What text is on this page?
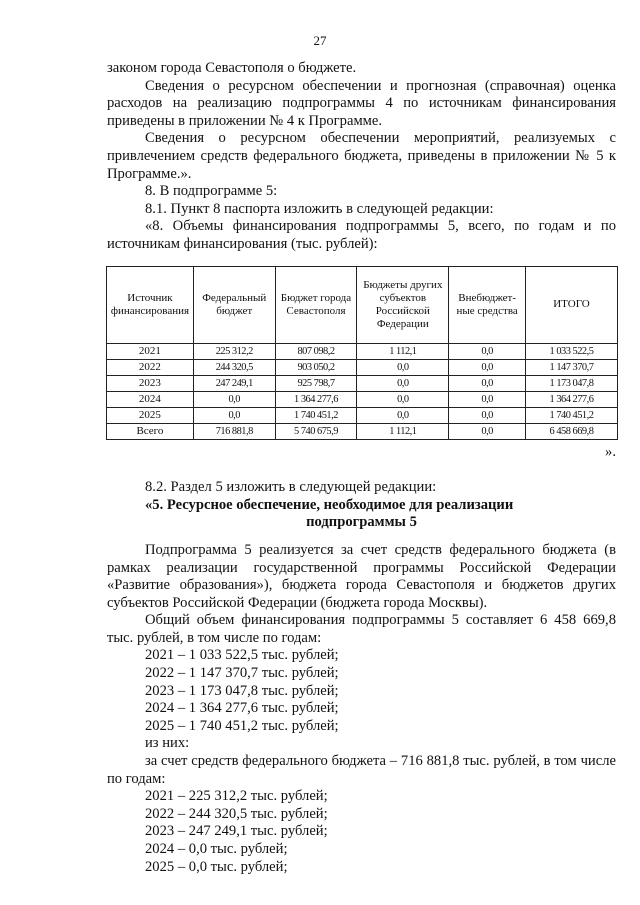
27

законом города Севастополя о бюджете.

Сведения о ресурсном обеспечении и прогнозная (справочная) оценка расходов на реализацию подпрограммы 4 по источникам финансирования приведены в приложении № 4 к Программе.

Сведения о ресурсном обеспечении мероприятий, реализуемых с привлечением средств федерального бюджета, приведены в приложении № 5 к Программе.».

8. В подпрограмме 5:

8.1. Пункт 8 паспорта изложить в следующей редакции:

«8. Объемы финансирования подпрограммы 5, всего, по годам и по источникам финансирования (тыс. рублей):

Источник финансирования	Федеральный бюджет	Бюджет города Севастополя	Бюджеты других субъектов Российской Федерации	Внебюджет-ные средства	ИТОГО
2021	225 312,2	807 098,2	1 112,1	0,0	1 033 522,5
2022	244 320,5	903 050,2	0,0	0,0	1 147 370,7
2023	247 249,1	925 798,7	0,0	0,0	1 173 047,8
2024	0,0	1 364 277,6	0,0	0,0	1 364 277,6
2025	0,0	1 740 451,2	0,0	0,0	1 740 451,2
Всего	716 881,8	5 740 675,9	1 112,1	0,0	6 458 669,8

».

8.2. Раздел 5 изложить в следующей редакции:

«5. Ресурсное обеспечение, необходимое для реализации

подпрограммы 5

Подпрограмма 5 реализуется за счет средств федерального бюджета (в рамках реализации государственной программы Российской Федерации «Развитие образования»), бюджета города Севастополя и бюджетов других субъектов Российской Федерации (бюджета города Москвы).

Общий объем финансирования подпрограммы 5 составляет 6 458 669,8 тыс. рублей, в том числе по годам:

2021 – 1 033 522,5 тыс. рублей;

2022 – 1 147 370,7 тыс. рублей;

2023 – 1 173 047,8 тыс. рублей;

2024 – 1 364 277,6 тыс. рублей;

2025 – 1 740 451,2 тыс. рублей;

из них:

за счет средств федерального бюджета – 716 881,8 тыс. рублей, в том числе по годам:

2021 – 225 312,2 тыс. рублей;

2022 – 244 320,5 тыс. рублей;

2023 – 247 249,1 тыс. рублей;

2024 – 0,0 тыс. рублей;

2025 – 0,0 тыс. рублей;
